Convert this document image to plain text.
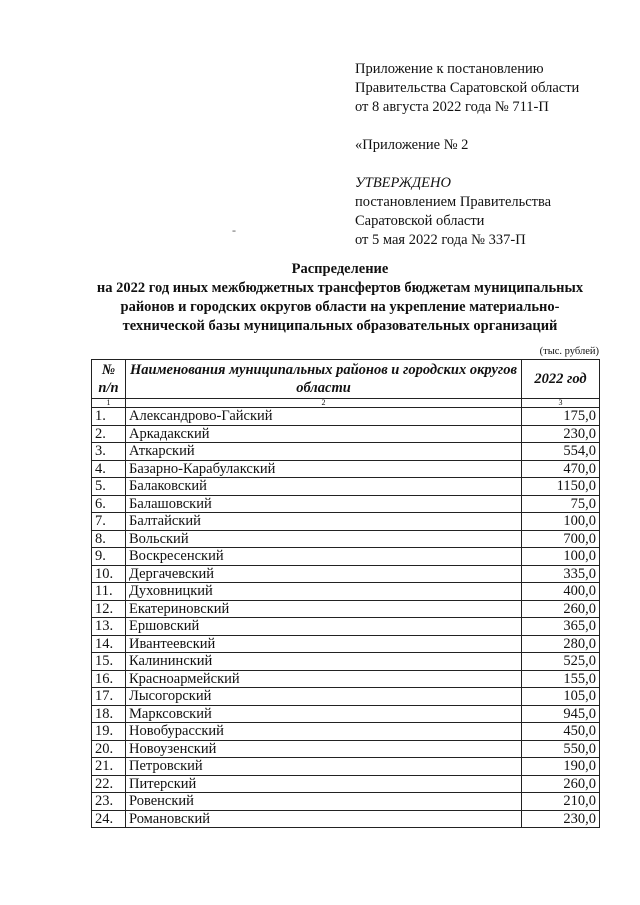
Приложение к постановлению
Правительства Саратовской области
от 8 августа 2022 года № 711-П
«Приложение № 2
УТВЕРЖДЕНО
постановлением Правительства
Саратовской области
от 5 мая 2022 года № 337-П
-
Распределение
на 2022 год иных межбюджетных трансфертов бюджетам муниципальных
районов и городских округов области на укрепление материально-
технической базы муниципальных образовательных организаций
(тыс. рублей)
№ п/п	Наименования муниципальных районов и городских округов области	2022 год
1	2	3
1.	Александрово-Гайский	175,0
2.	Аркадакский	230,0
3.	Аткарский	554,0
4.	Базарно-Карабулакский	470,0
5.	Балаковский	1150,0
6.	Балашовский	75,0
7.	Балтайский	100,0
8.	Вольский	700,0
9.	Воскресенский	100,0
10.	Дергачевский	335,0
11.	Духовницкий	400,0
12.	Екатериновский	260,0
13.	Ершовский	365,0
14.	Ивантеевский	280,0
15.	Калининский	525,0
16.	Красноармейский	155,0
17.	Лысогорский	105,0
18.	Марксовский	945,0
19.	Новобурасский	450,0
20.	Новоузенский	550,0
21.	Петровский	190,0
22.	Питерский	260,0
23.	Ровенский	210,0
24.	Романовский	230,0
